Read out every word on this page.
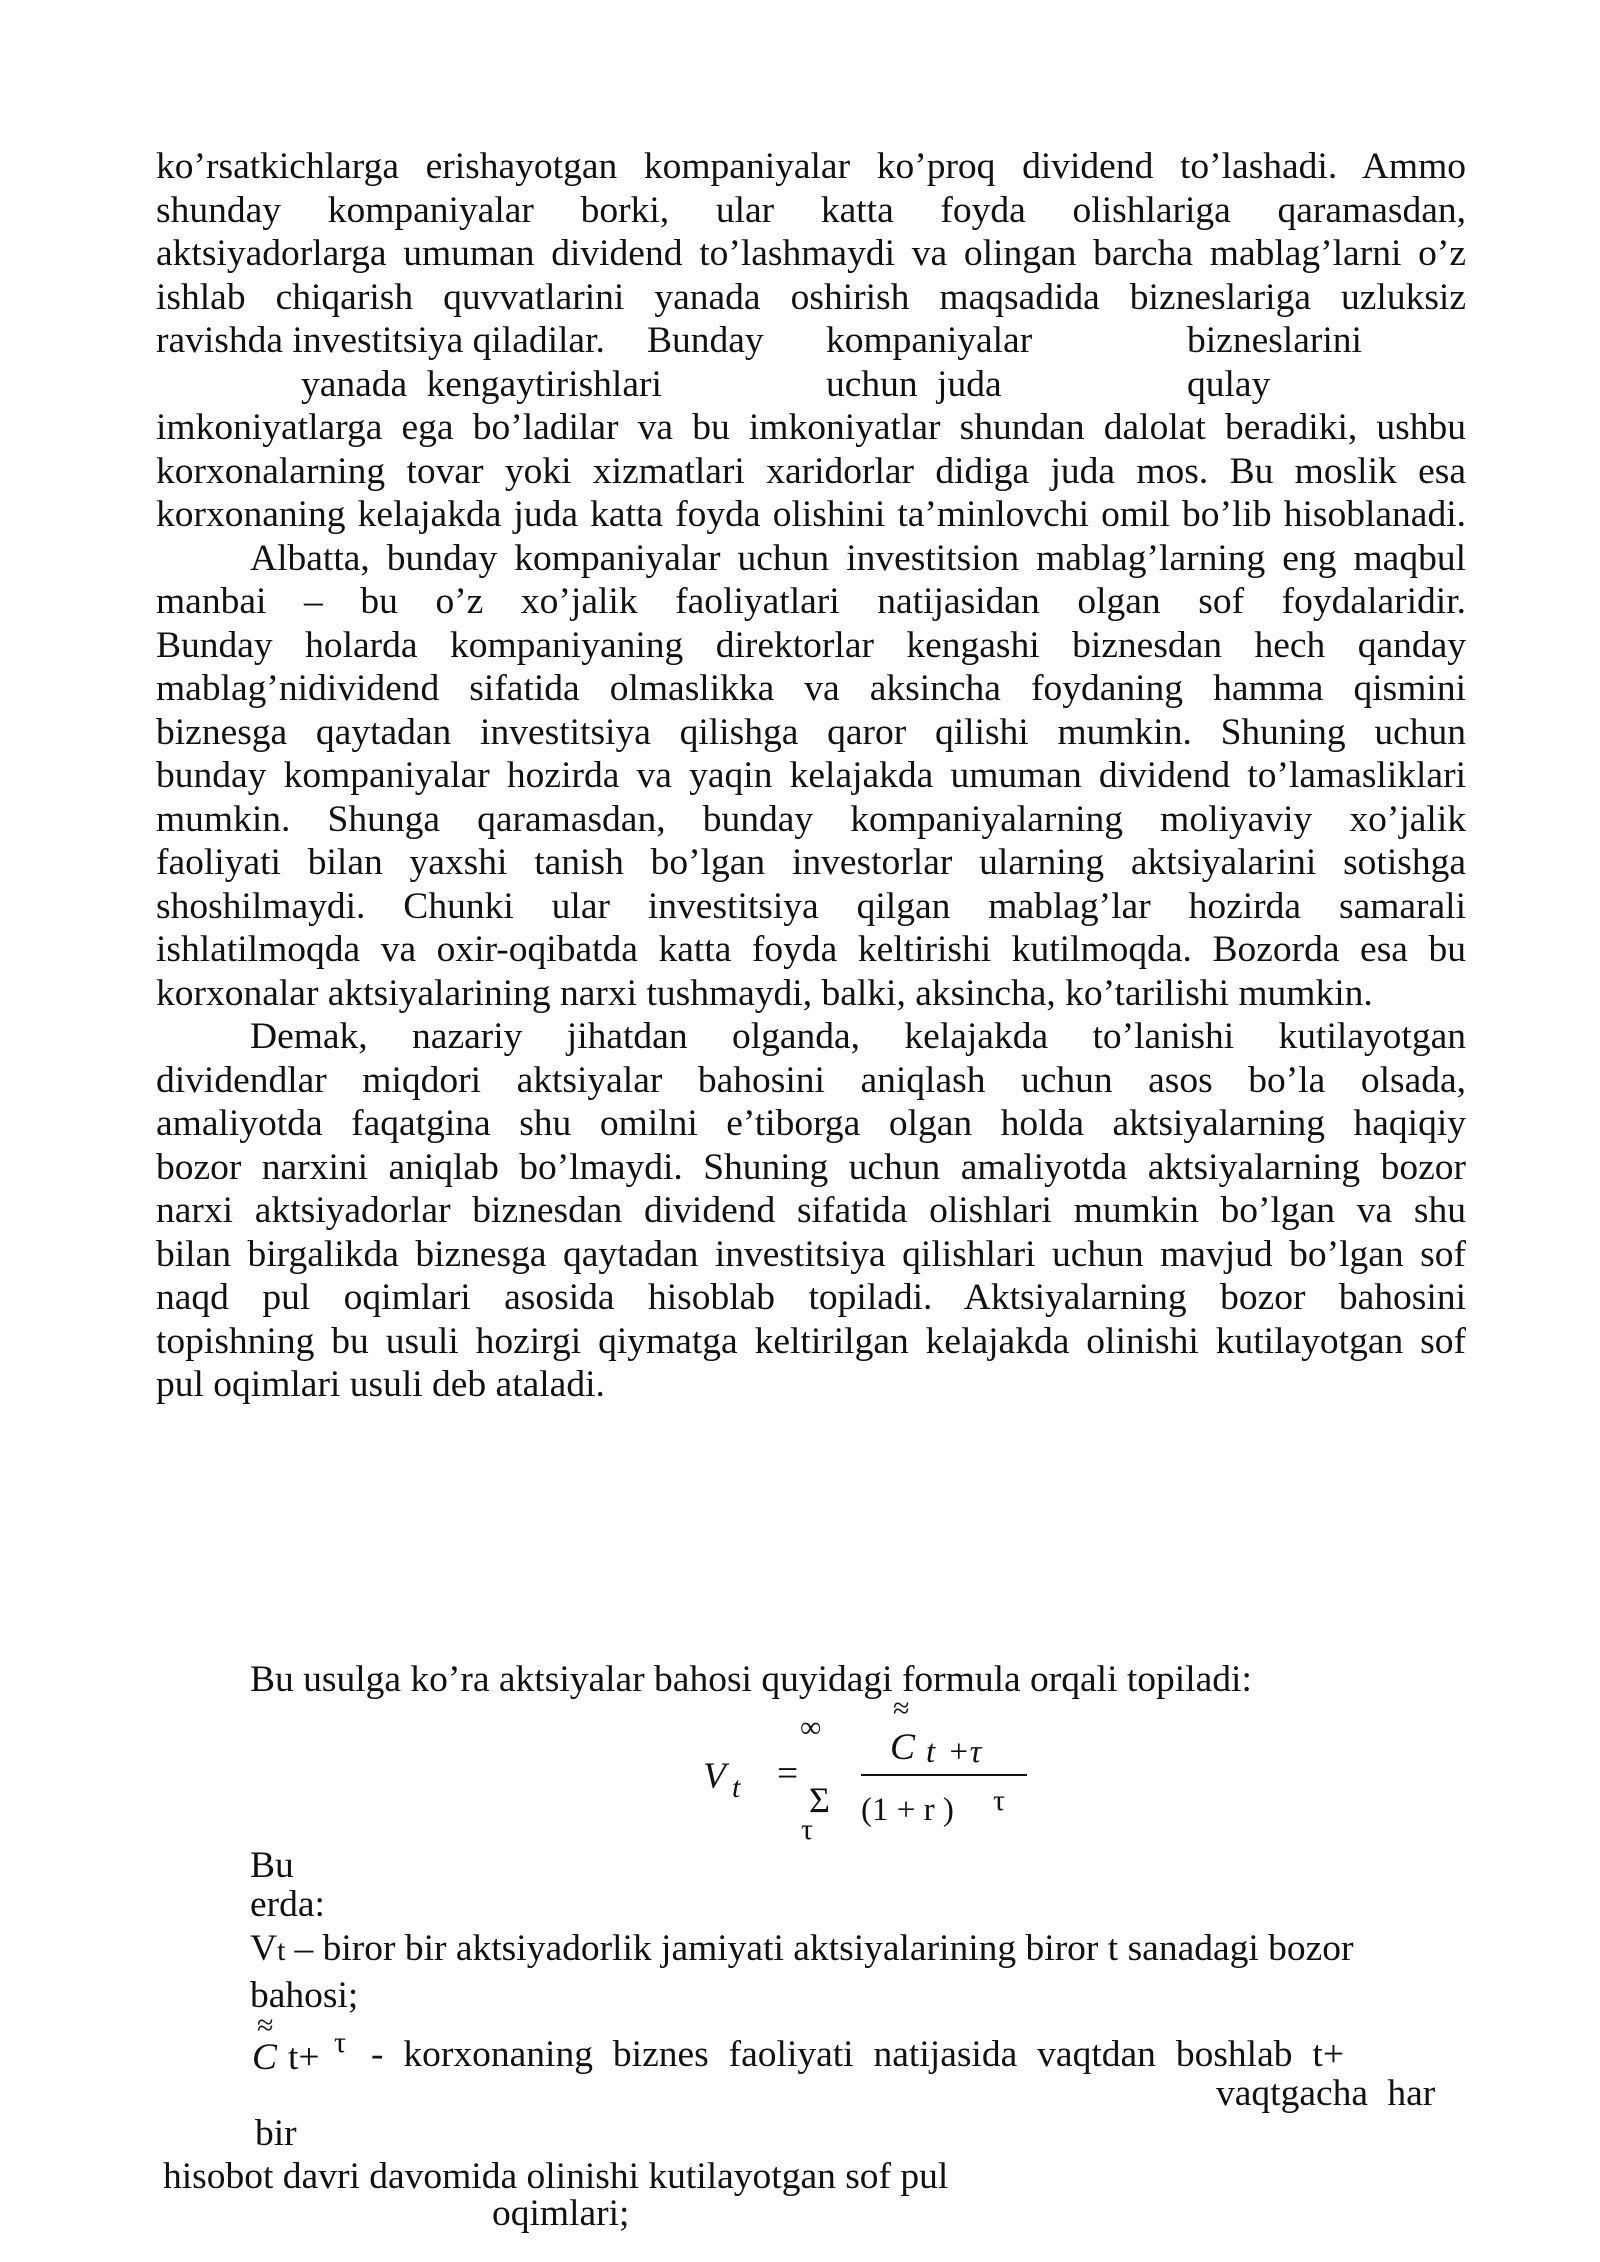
ko’rsatkichlarga erishayotgan kompaniyalar ko’proq dividend to’lashadi. Ammo
shunday kompaniyalar borki, ular katta foyda olishlariga qaramasdan,
aktsiyadorlarga umuman dividend to’lashmaydi va olingan barcha mablag’larni o’z
ishlab chiqarish quvvatlarini yanada oshirish maqsadida bizneslariga uzluksiz
ravishda investitsiya qiladilar. Bunday kompaniyalar	bizneslarini
yanada kengaytirishlari	uchun juda	qulay
imkoniyatlarga ega bo’ladilar va bu imkoniyatlar shundan dalolat beradiki, ushbu
korxonalarning tovar yoki xizmatlari xaridorlar didiga juda mos. Bu moslik esa
korxonaning kelajakda juda katta foyda olishini ta’minlovchi omil bo’lib hisoblanadi.
Albatta, bunday kompaniyalar uchun investitsion mablag’larning eng maqbul
manbai – bu o’z xo’jalik faoliyatlari natijasidan olgan sof foydalaridir.
Bunday holarda kompaniyaning direktorlar kengashi biznesdan hech qanday
mablag’nidividend sifatida olmaslikka va aksincha foydaning hamma qismini
biznesga qaytadan investitsiya qilishga qaror qilishi mumkin. Shuning uchun
bunday kompaniyalar hozirda va yaqin kelajakda umuman dividend to’lamasliklari
mumkin. Shunga qaramasdan, bunday kompaniyalarning moliyaviy xo’jalik
faoliyati bilan yaxshi tanish bo’lgan investorlar ularning aktsiyalarini sotishga
shoshilmaydi. Chunki ular investitsiya qilgan mablag’lar hozirda samarali
ishlatilmoqda va oxir-oqibatda katta foyda keltirishi kutilmoqda. Bozorda esa bu
korxonalar aktsiyalarining narxi tushmaydi, balki, aksincha, ko’tarilishi mumkin.
Demak, nazariy jihatdan olganda, kelajakda to’lanishi kutilayotgan
dividendlar miqdori aktsiyalar bahosini aniqlash uchun asos bo’la olsada,
amaliyotda faqatgina shu omilni e’tiborga olgan holda aktsiyalarning haqiqiy
bozor narxini aniqlab bo’lmaydi. Shuning uchun amaliyotda aktsiyalarning bozor
narxi aktsiyadorlar biznesdan dividend sifatida olishlari mumkin bo’lgan va shu
bilan birgalikda biznesga qaytadan investitsiya qilishlari uchun mavjud bo’lgan sof
naqd pul oqimlari asosida hisoblab topiladi. Aktsiyalarning bozor bahosini
topishning bu usuli hozirgi qiymatga keltirilgan kelajakda olinishi kutilayotgan sof
pul oqimlari usuli deb ataladi.
Bu usulga ko’ra aktsiyalar bahosi quyidagi formula orqali topiladi:
V t =
∞
Σ
τ
≈
C t +τ
(1 + r ) τ
Bu
erda:
Vt – biror bir aktsiyadorlik jamiyati aktsiyalarining biror t sanadagi bozor
bahosi;
≈
C t+ τ - korxonaning biznes faoliyati natijasida vaqtdan boshlab t+
vaqtgacha har
bir
hisobot davri davomida olinishi kutilayotgan sof pul
oqimlari;
